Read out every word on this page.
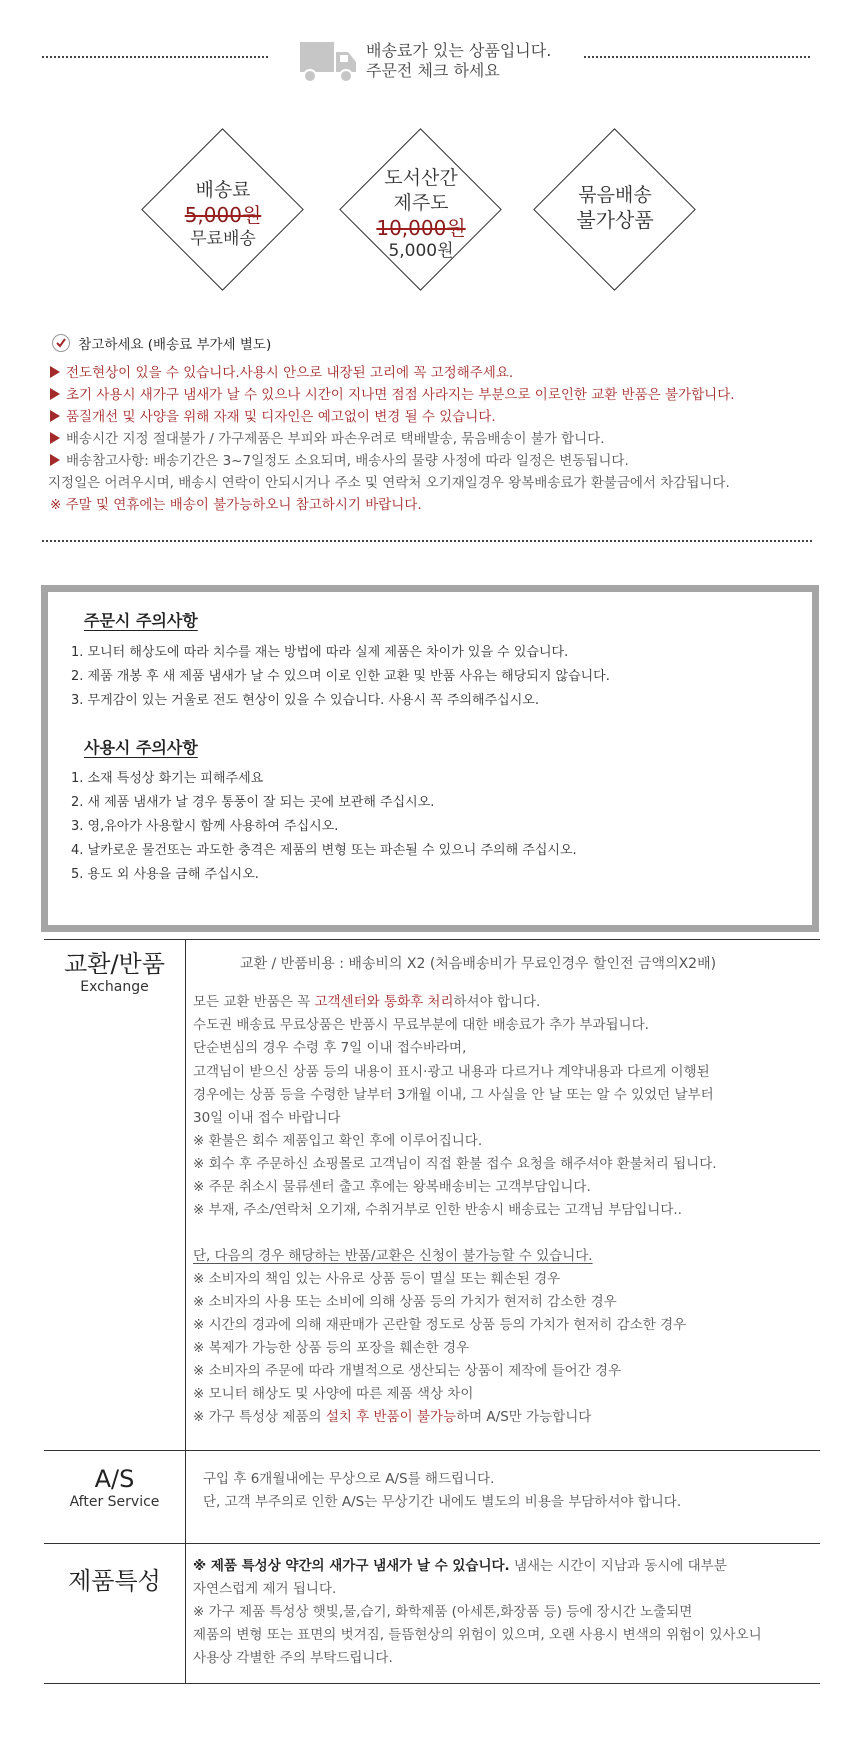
배송료가 있는 상품입니다.
주문전 체크 하세요
배송료
5,000원
무료배송
도서산간
제주도
10,000원
5,000원
묶음배송
불가상품
참고하세요 (배송료 부가세 별도)
전도현상이 있을 수 있습니다.사용시 안으로 내장된 고리에 꼭 고정해주세요.
초기 사용시 새가구 냄새가 날 수 있으나 시간이 지나면 점점 사라지는 부분으로 이로인한 교환 반품은 불가합니다.
품질개선 및 사양을 위해 자재 및 디자인은 예고없이 변경 될 수 있습니다.
배송시간 지정 절대불가 / 가구제품은 부피와 파손우려로 택배발송, 묶음배송이 불가 합니다.
배송참고사항: 배송기간은 3~7일정도 소요되며, 배송사의 물량 사정에 따라 일정은 변동됩니다.
지정일은 어려우시며, 배송시 연락이 안되시거나 주소 및 연락처 오기재일경우 왕복배송료가 환불금에서 차감됩니다.
※ 주말 및 연휴에는 배송이 불가능하오니 참고하시기 바랍니다.
주문시 주의사항
1. 모니터 해상도에 따라 치수를 재는 방법에 따라 실제 제품은 차이가 있을 수 있습니다.
2. 제품 개봉 후 새 제품 냄새가 날 수 있으며 이로 인한 교환 및 반품 사유는 해당되지 않습니다.
3. 무게감이 있는 거울로 전도 현상이 있을 수 있습니다. 사용시 꼭 주의해주십시오.
사용시 주의사항
1. 소재 특성상 화기는 피해주세요
2. 새 제품 냄새가 날 경우 통풍이 잘 되는 곳에 보관해 주십시오.
3. 영,유아가 사용할시 함께 사용하여 주십시오.
4. 날카로운 물건또는 과도한 충격은 제품의 변형 또는 파손될 수 있으니 주의해 주십시오.
5. 용도 외 사용을 금해 주십시오.
교환/반품
Exchange
교환 / 반품비용 : 배송비의 X2 (처음배송비가 무료인경우 할인전 금액의X2배)
모든 교환 반품은 꼭 고객센터와 통화후 처리하셔야 합니다.
수도권 배송료 무료상품은 반품시 무료부분에 대한 배송료가 추가 부과됩니다.
단순변심의 경우 수령 후 7일 이내 접수바라며,
고객님이 받으신 상품 등의 내용이 표시·광고 내용과 다르거나 계약내용과 다르게 이행된
경우에는 상품 등을 수령한 날부터 3개월 이내, 그 사실을 안 날 또는 알 수 있었던 날부터
30일 이내 접수 바랍니다
※ 환불은 회수 제품입고 확인 후에 이루어집니다.
※ 회수 후 주문하신 쇼핑몰로 고객님이 직접 환불 접수 요청을 해주셔야 환불처리 됩니다.
※ 주문 취소시 물류센터 출고 후에는 왕복배송비는 고객부담입니다.
※ 부재, 주소/연락처 오기재, 수취거부로 인한 반송시 배송료는 고객님 부담입니다..
단, 다음의 경우 해당하는 반품/교환은 신청이 불가능할 수 있습니다.
※ 소비자의 책임 있는 사유로 상품 등이 멸실 또는 훼손된 경우
※ 소비자의 사용 또는 소비에 의해 상품 등의 가치가 현저히 감소한 경우
※ 시간의 경과에 의해 재판매가 곤란할 정도로 상품 등의 가치가 현저히 감소한 경우
※ 복제가 가능한 상품 등의 포장을 훼손한 경우
※ 소비자의 주문에 따라 개별적으로 생산되는 상품이 제작에 들어간 경우
※ 모니터 해상도 및 사양에 따른 제품 색상 차이
※ 가구 특성상 제품의 설치 후 반품이 불가능하며 A/S만 가능합니다
A/S
After Service
구입 후 6개월내에는 무상으로 A/S를 해드립니다.
단, 고객 부주의로 인한 A/S는 무상기간 내에도 별도의 비용을 부담하셔야 합니다.
제품특성
※ 제품 특성상 약간의 새가구 냄새가 날 수 있습니다. 냄새는 시간이 지남과 동시에 대부분
자연스럽게 제거 됩니다.
※ 가구 제품 특성상 햇빛,물,습기, 화학제품 (아세톤,화장품 등) 등에 장시간 노출되면
제품의 변형 또는 표면의 벗겨짐, 들뜸현상의 위험이 있으며, 오랜 사용시 변색의 위험이 있사오니
사용상 각별한 주의 부탁드립니다.
